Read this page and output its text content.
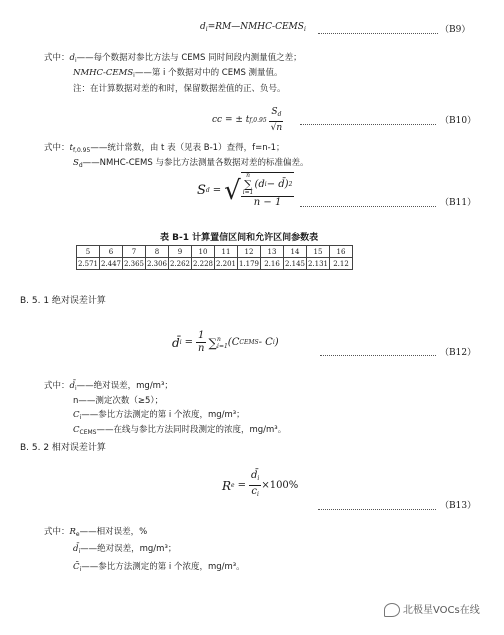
$d_i=RM—NMHC-CEMS_i$	（B9）
式中：$d_i——$每个数据对参比方法与 CEMS 同时间段内测量值之差；
NMHC-$CEMS_i——$第 i 个数据对中的 CEMS 测量值。
注：在计算数据对差的和时，保留数据差值的正、负号。
cc = ± t $f,0.95 \frac{S_d}{√n}$	（B10）
式中：$t_{f,0.95}——$统计常数，由 t 表（见表 B-1）查得，f=n-1；
$S_d——NMHC$-CEMS 与参比方法测量各数据对差的标准偏差。
S d = √ n
∑
i=1
(d i − d̄) 2
n − 1	（B11）
表 B-1 计算置信区间和允许区间参数表
5	6	7	8	9	10	11	12	13	14	15	16
2.571	2.447	2.365	2.306	2.262	2.228	2.201	1.179	2.16	2.145	2.131	2.12
B. 5. 1 绝对误差计算
d̄ $i = \frac{1}{n}$ ∑ n
i=1 (C CEMS - C i )
（B12）
式中：$d̄_i——$绝对误差，mg/m³；
n——测定次数（≥5）；
$C_i——$参比方法测定的第 i 个浓度，mg/m³；
$C_{CEMS}——$在线与参比方法同时段测定的浓度，mg/m³。
B. 5. 2 相对误差计算
R $e = \frac{d̄_i}{c_i} \times 100\%$
（B13）
式中：$R_e——$相对误差，%
$d̄_i——$绝对误差，mg/m³；
$C̄_i——$参比方法测定的第 i 个浓度，mg/m³。
北极星VOCs在线
